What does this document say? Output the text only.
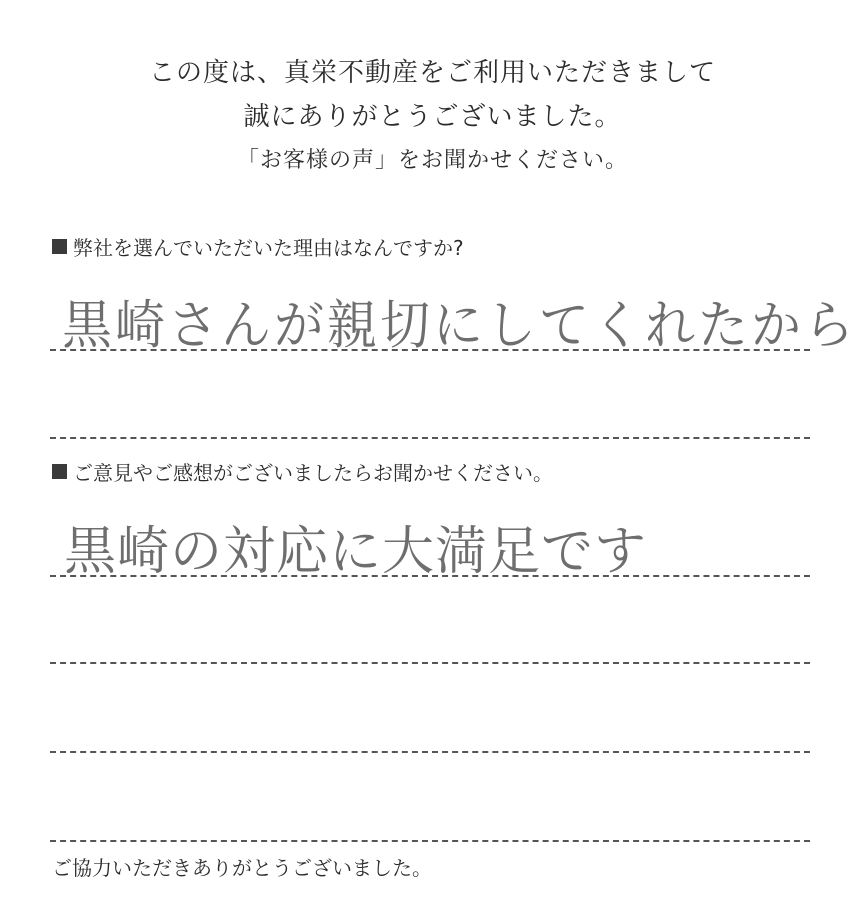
この度は、真栄不動産をご利用いただきまして
誠にありがとうございました。
「お客様の声」をお聞かせください。
弊社を選んでいただいた理由はなんですか?
黒崎さんが親切にしてくれたから
ご意見やご感想がございましたらお聞かせください。
黒崎の対応に大満足です
ご協力いただきありがとうございました。
